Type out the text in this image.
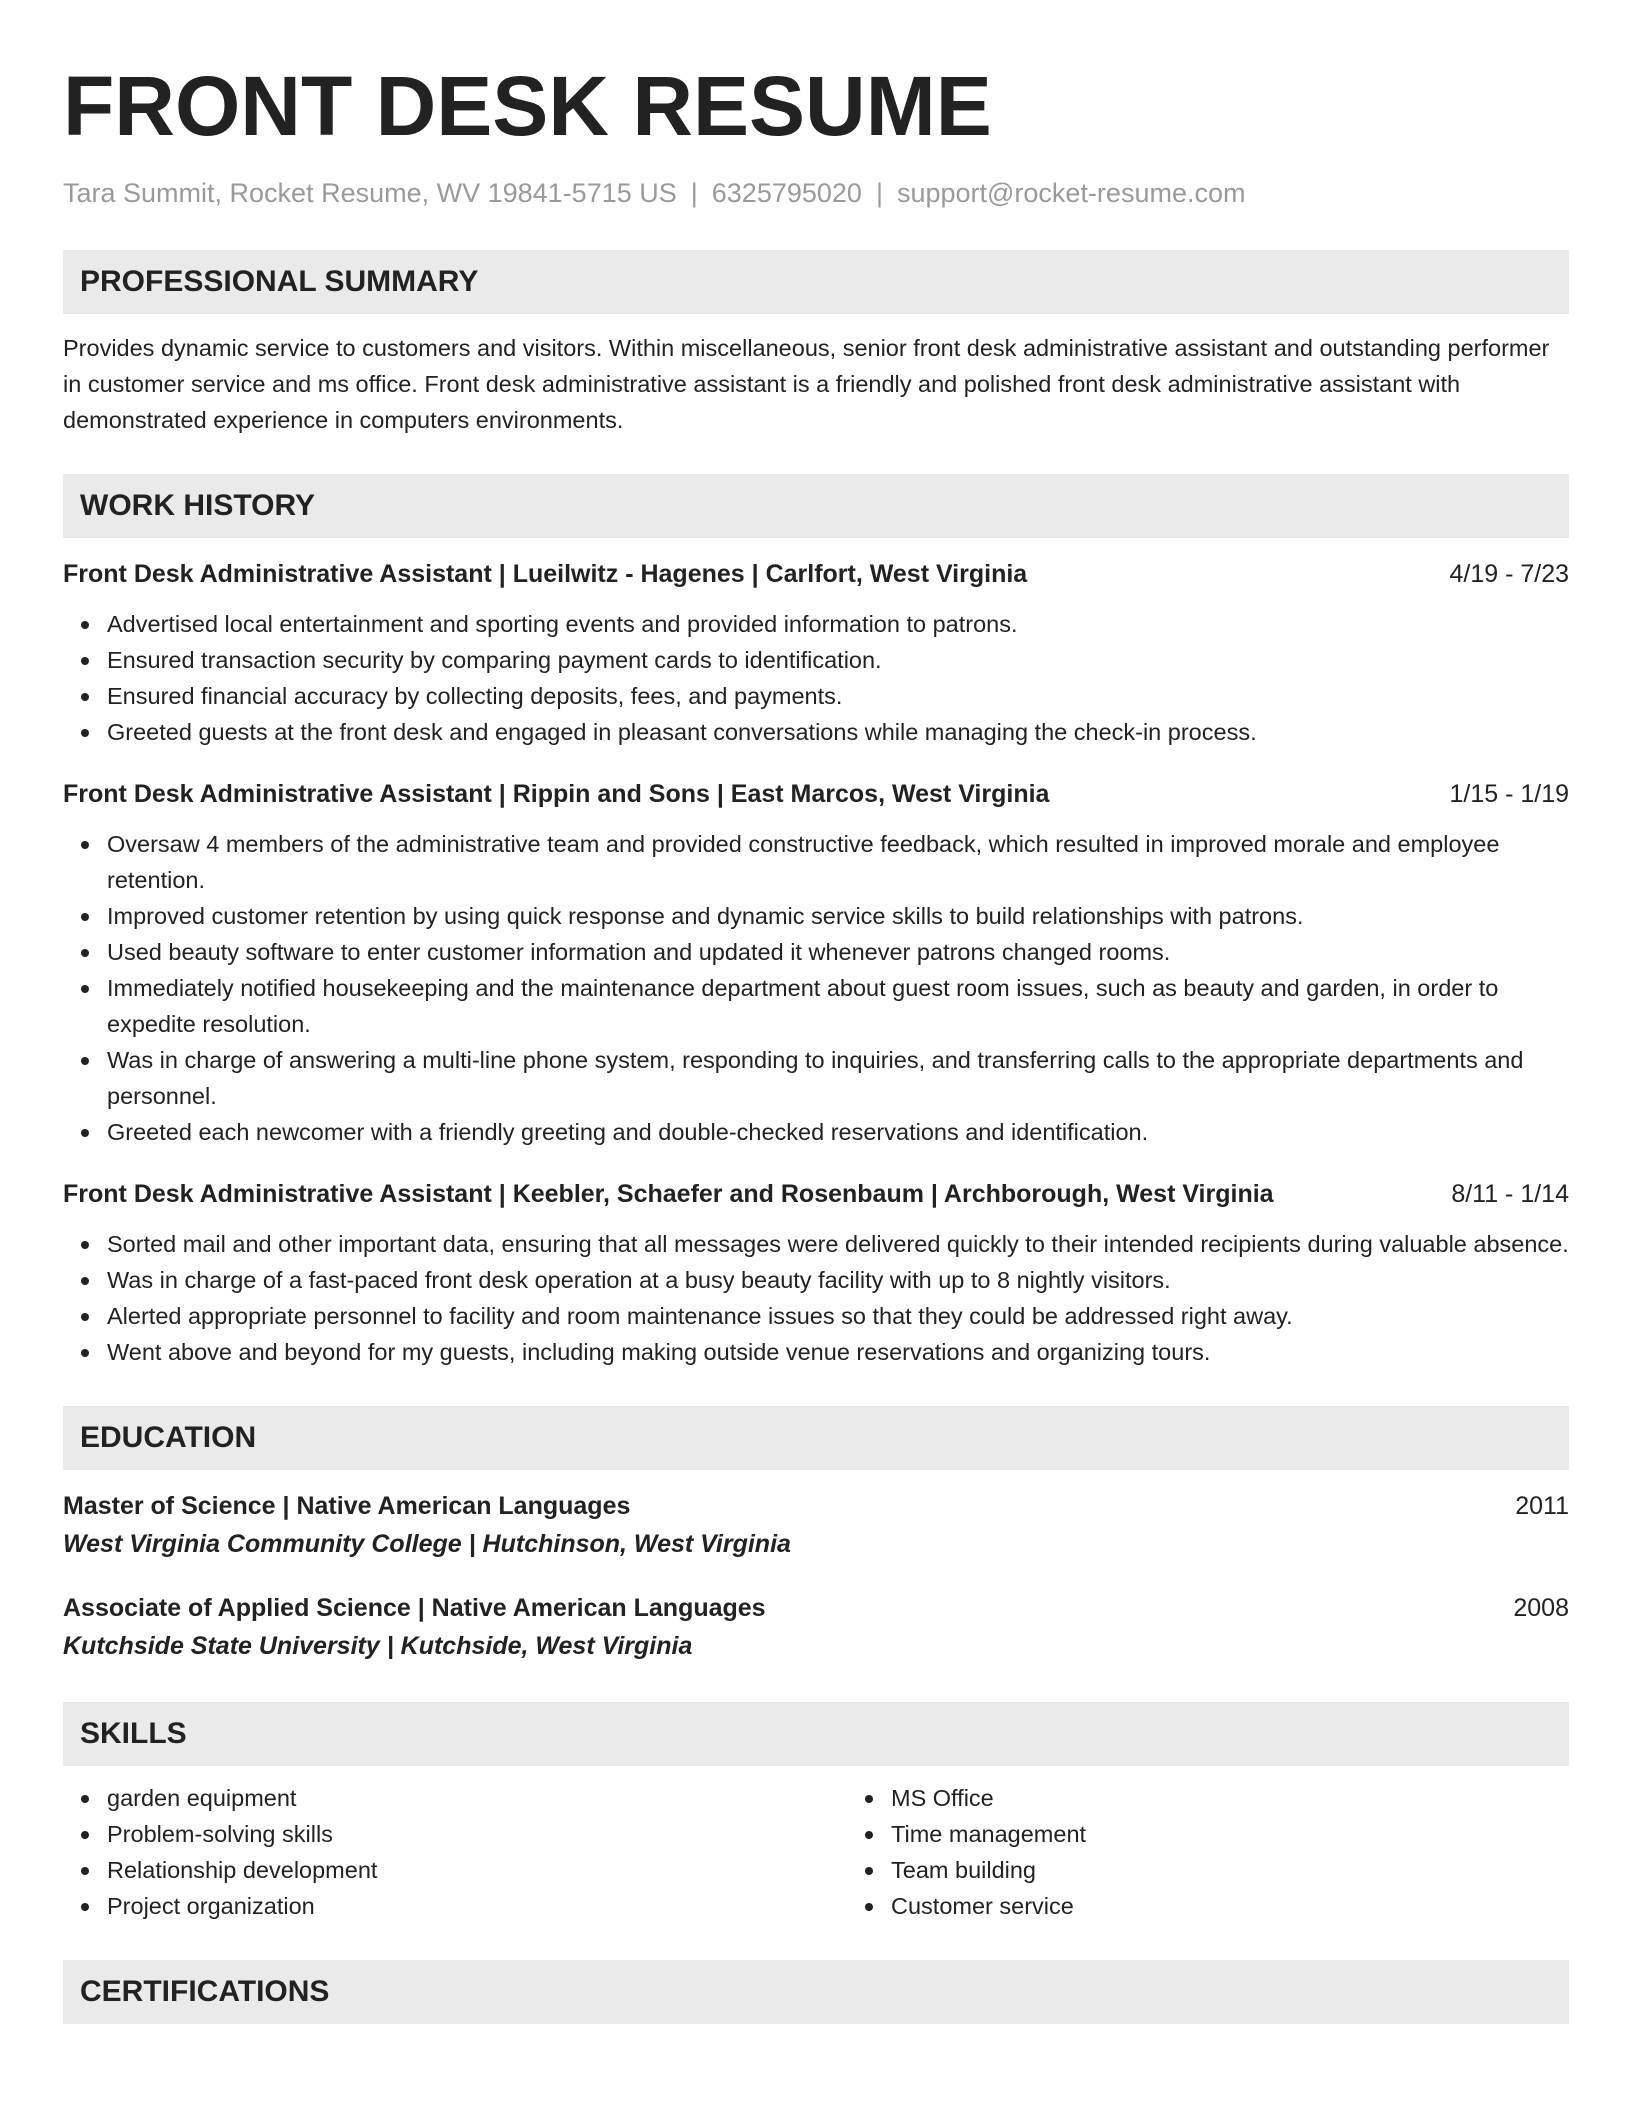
FRONT DESK RESUME
Tara Summit, Rocket Resume, WV 19841-5715 US | 6325795020 | support@rocket-resume.com
PROFESSIONAL SUMMARY
Provides dynamic service to customers and visitors. Within miscellaneous, senior front desk administrative assistant and outstanding performer in customer service and ms office. Front desk administrative assistant is a friendly and polished front desk administrative assistant with demonstrated experience in computers environments.
WORK HISTORY
Front Desk Administrative Assistant | Lueilwitz - Hagenes | Carlfort, West Virginia	4/19 - 7/23
Advertised local entertainment and sporting events and provided information to patrons.
Ensured transaction security by comparing payment cards to identification.
Ensured financial accuracy by collecting deposits, fees, and payments.
Greeted guests at the front desk and engaged in pleasant conversations while managing the check-in process.
Front Desk Administrative Assistant | Rippin and Sons | East Marcos, West Virginia	1/15 - 1/19
Oversaw 4 members of the administrative team and provided constructive feedback, which resulted in improved morale and employee retention.
Improved customer retention by using quick response and dynamic service skills to build relationships with patrons.
Used beauty software to enter customer information and updated it whenever patrons changed rooms.
Immediately notified housekeeping and the maintenance department about guest room issues, such as beauty and garden, in order to expedite resolution.
Was in charge of answering a multi-line phone system, responding to inquiries, and transferring calls to the appropriate departments and personnel.
Greeted each newcomer with a friendly greeting and double-checked reservations and identification.
Front Desk Administrative Assistant | Keebler, Schaefer and Rosenbaum | Archborough, West Virginia	8/11 - 1/14
Sorted mail and other important data, ensuring that all messages were delivered quickly to their intended recipients during valuable absence.
Was in charge of a fast-paced front desk operation at a busy beauty facility with up to 8 nightly visitors.
Alerted appropriate personnel to facility and room maintenance issues so that they could be addressed right away.
Went above and beyond for my guests, including making outside venue reservations and organizing tours.
EDUCATION
Master of Science | Native American Languages	2011
West Virginia Community College | Hutchinson, West Virginia
Associate of Applied Science | Native American Languages	2008
Kutchside State University | Kutchside, West Virginia
SKILLS
garden equipment
Problem-solving skills
Relationship development
Project organization
MS Office
Time management
Team building
Customer service
CERTIFICATIONS
